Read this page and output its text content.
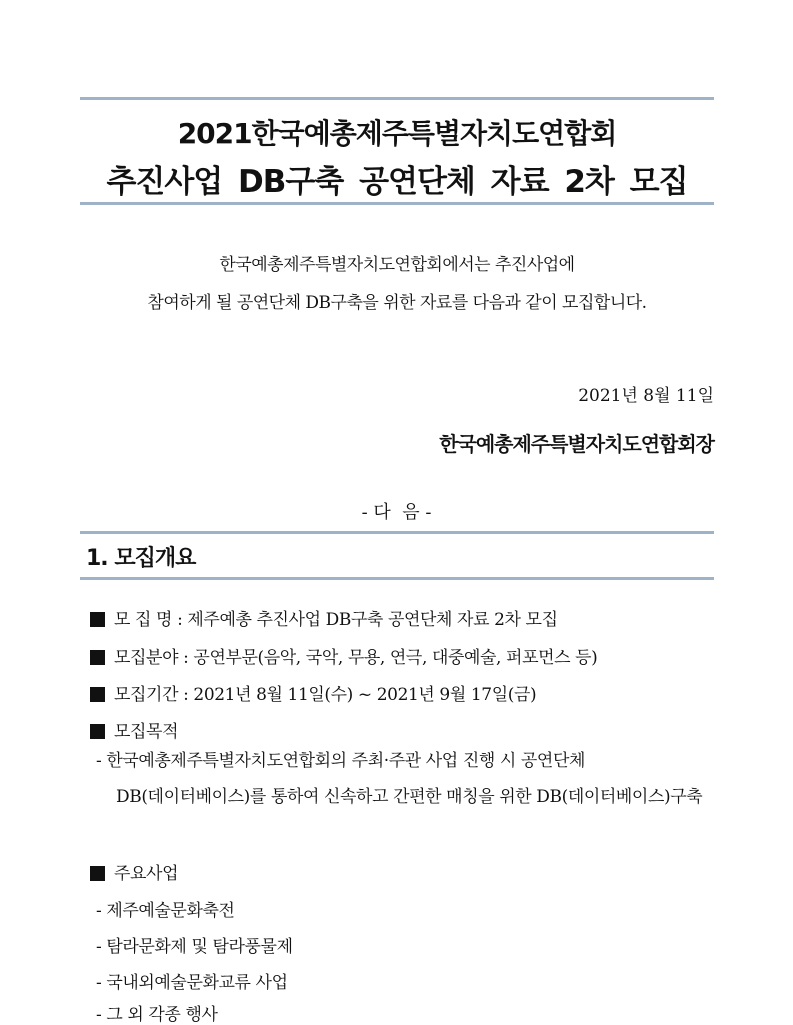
2021한국예총제주특별자치도연합회
추진사업 DB구축 공연단체 자료 2차 모집
한국예총제주특별자치도연합회에서는 추진사업에
참여하게 될 공연단체 DB구축을 위한 자료를 다음과 같이 모집합니다.
2021년 8월 11일
한국예총제주특별자치도연합회장
- 다  음 -
1. 모집개요
모 집 명 : 제주예총 추진사업 DB구축 공연단체 자료 2차 모집
모집분야 : 공연부문(음악, 국악, 무용, 연극, 대중예술, 퍼포먼스 등)
모집기간 : 2021년 8월 11일(수) ~ 2021년 9월 17일(금)
모집목적
- 한국예총제주특별자치도연합회의 주최·주관 사업 진행 시 공연단체
DB(데이터베이스)를 통하여 신속하고 간편한 매칭을 위한 DB(데이터베이스)구축
주요사업
- 제주예술문화축전
- 탐라문화제 및 탐라풍물제
- 국내외예술문화교류 사업
- 그 외 각종 행사
